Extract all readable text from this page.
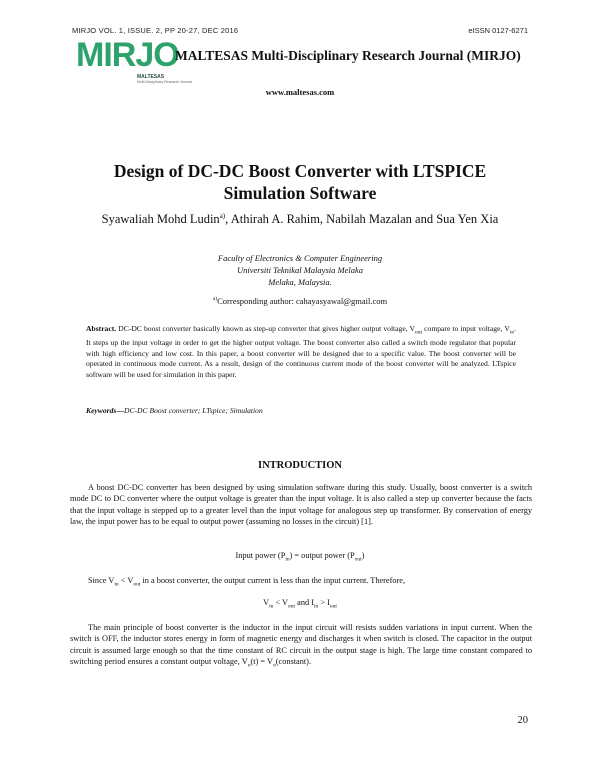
MIRJO VOL. 1, ISSUE. 2, PP 20-27, DEC 2016	eISSN 0127-6271
MIRJO
MALTESAS
Multi-Disciplinary Research Journal
MALTESAS Multi-Disciplinary Research Journal (MIRJO)
www.maltesas.com
Design of DC-DC Boost Converter with LTSPICE
Simulation Software
Syawaliah Mohd Ludin$^{a)}$, Athirah A. Rahim, Nabilah Mazalan and Sua Yen Xia
Faculty of Electronics & Computer Engineering
Universiti Teknikal Malaysia Melaka
Melaka, Malaysia.
$^{a)}$Corresponding author: cahayasyawal@gmail.com
Abstract. DC-DC boost converter basically known as step-up converter that gives higher output voltage, $V_{out}$ compare to input voltage, $V_{in}$. It steps up the input voltage in order to get the higher output voltage. The boost converter also called a switch mode regulator that popular with high efficiency and low cost. In this paper, a boost converter will be designed due to a specific value. The boost converter will be operated in continuous mode current. As a result, design of the continuous current mode of the boost converter will be analyzed. LTspice software will be used for simulation in this paper.
Keywords—DC-DC Boost converter; LTspice; Simulation
INTRODUCTION
A boost DC-DC converter has been designed by using simulation software during this study. Usually, boost converter is a switch mode DC to DC converter where the output voltage is greater than the input voltage. It is also called a step up converter because the facts that the input voltage is stepped up to a greater level than the input voltage for analogous step up transformer. By conservation of energy law, the input power has to be equal to output power (assuming no losses in the circuit) [1].
Input power $(P_{in})$ = output power $(P_{out})$
Since $V_{in} < V_{out}$ in a boost converter, the output current is less than the input current. Therefore,
$V_{in} < V_{out}$ and $I_{in} > I_{out}$
The main principle of boost converter is the inductor in the input circuit will resists sudden variations in input current. When the switch is OFF, the inductor stores energy in form of magnetic energy and discharges it when switch is closed. The capacitor in the output circuit is assumed large enough so that the time constant of RC circuit in the output stage is high. The large time constant compared to switching period ensures a constant output voltage, $V_o(t)$ = $V_o(constant)$.
20
